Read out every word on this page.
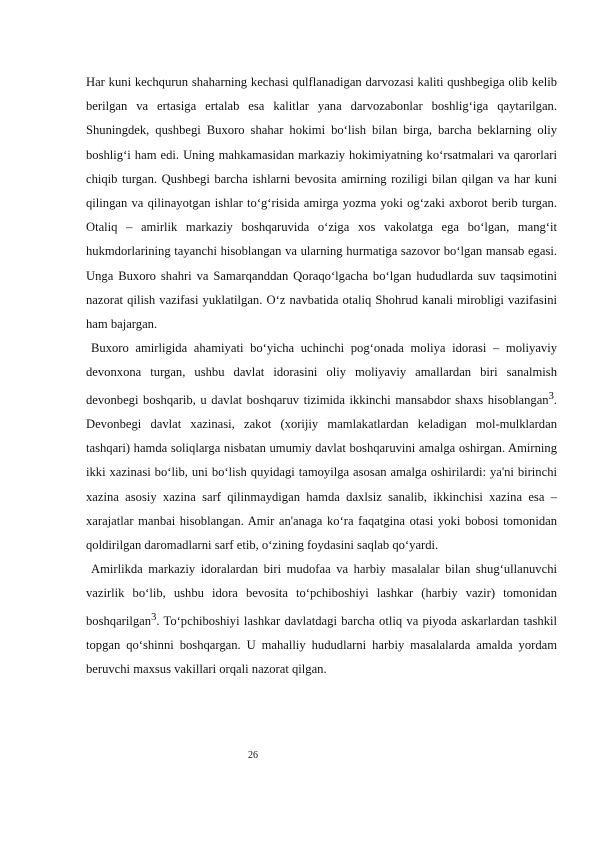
Har kuni kechqurun shaharning kechasi qulflanadigan darvozasi kaliti qushbegiga olib kelib berilgan va ertasiga ertalab esa kalitlar yana darvozabonlar boshlig‘iga qaytarilgan. Shuningdek, qushbegi Buxoro shahar hokimi bo‘lish bilan birga, barcha beklarning oliy boshlig‘i ham edi. Uning mahkamasidan markaziy hokimiyatning ko‘rsatmalari va qarorlari chiqib turgan. Qushbegi barcha ishlarni bevosita amirning roziligi bilan qilgan va har kuni qilingan va qilinayotgan ishlar to‘g‘risida amirga yozma yoki og‘zaki axborot berib turgan. Otaliq – amirlik markaziy boshqaruvida o‘ziga xos vakolatga ega bo‘lgan, mang‘it hukmdorlarining tayanchi hisoblangan va ularning hurmatiga sazovor bo‘lgan mansab egasi. Unga Buxoro shahri va Samarqanddan Qoraqo‘lgacha bo‘lgan hududlarda suv taqsimotini nazorat qilish vazifasi yuklatilgan. O‘z navbatida otaliq Shohrud kanali mirobligi vazifasini ham bajargan.

Buxoro amirligida ahamiyati bo‘yicha uchinchi pog‘onada moliya idorasi – moliyaviy devonxona turgan, ushbu davlat idorasini oliy moliyaviy amallardan biri sanalmish devonbegi boshqarib, u davlat boshqaruv tizimida ikkinchi mansabdor shaxs hisoblangan$^3$. Devonbegi davlat xazinasi, zakot (xorijiy mamlakatlardan keladigan mol-mulklardan tashqari) hamda soliqlarga nisbatan umumiy davlat boshqaruvini amalga oshirgan. Amirning ikki xazinasi bo‘lib, uni bo‘lish quyidagi tamoyilga asosan amalga oshirilardi: ya'ni birinchi xazina asosiy xazina sarf qilinmaydigan hamda daxlsiz sanalib, ikkinchisi xazina esa – xarajatlar manbai hisoblangan. Amir an'anaga ko‘ra faqatgina otasi yoki bobosi tomonidan qoldirilgan daromadlarni sarf etib, o‘zining foydasini saqlab qo‘yardi.

Amirlikda markaziy idoralardan biri mudofaa va harbiy masalalar bilan shug‘ullanuvchi vazirlik bo‘lib, ushbu idora bevosita to‘pchiboshiyi lashkar (harbiy vazir) tomonidan boshqarilgan$^3$. To‘pchiboshiyi lashkar davlatdagi barcha otliq va piyoda askarlardan tashkil topgan qo‘shinni boshqargan. U mahalliy hududlarni harbiy masalalarda amalda yordam beruvchi maxsus vakillari orqali nazorat qilgan.

26
